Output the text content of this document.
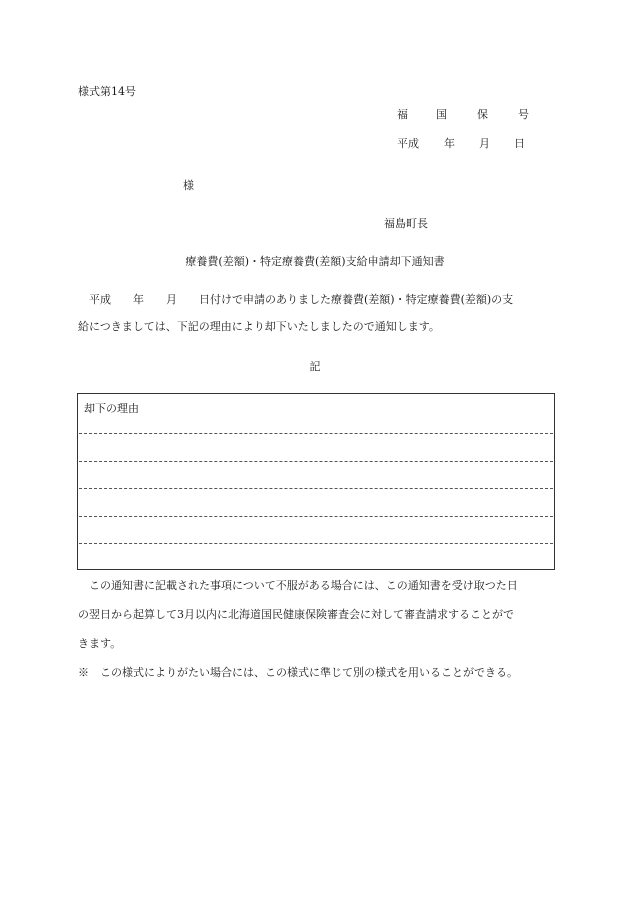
様式第14号
福	国	保	号
平成	年	月	日
様
福島町長
療養費(差額)・特定療養費(差額)支給申請却下通知書
平成　　年　　月　　日付けで申請のありました療養費(差額)・特定療養費(差額)の支
給につきましては、下記の理由により却下いたしましたので通知します。
記
却下の理由
この通知書に記載された事項について不服がある場合には、この通知書を受け取つた日
の翌日から起算して3月以内に北海道国民健康保険審査会に対して審査請求することがで
きます。
※　この様式によりがたい場合には、この様式に準じて別の様式を用いることができる。
